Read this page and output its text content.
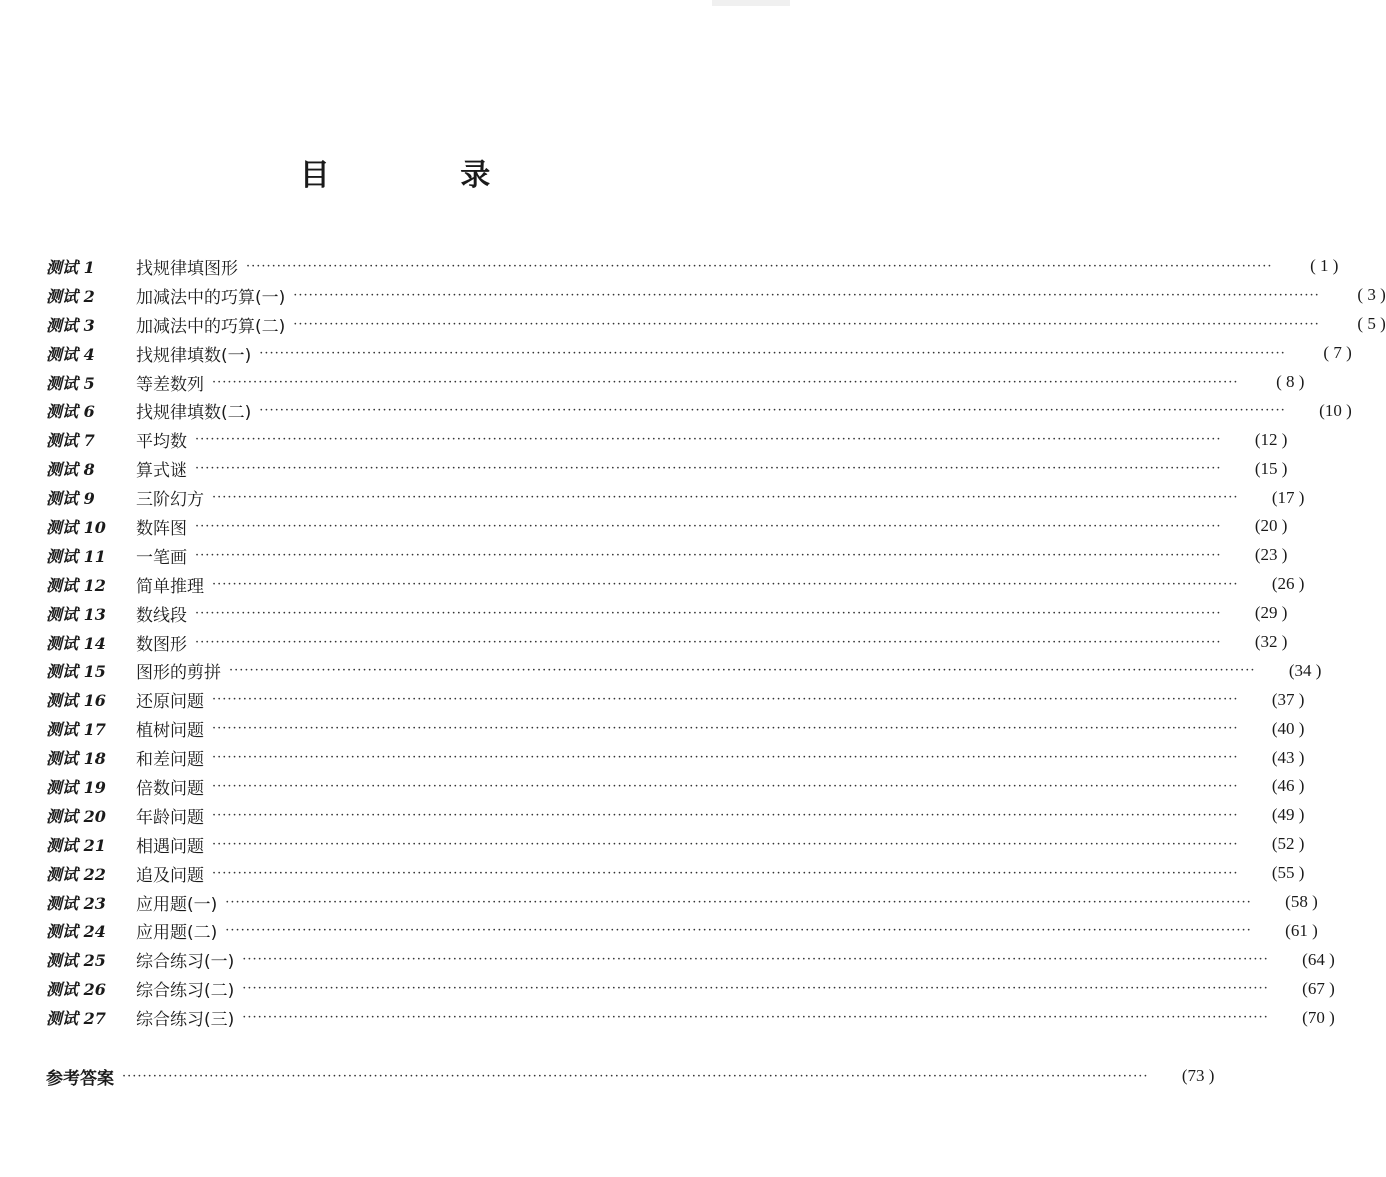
目 录
测试 1	找规律填图形 ········································································································································································································	( 1 )
测试 2	加减法中的巧算(一) ········································································································································································································	( 3 )
测试 3	加减法中的巧算(二) ········································································································································································································	( 5 )
测试 4	找规律填数(一) ········································································································································································································	( 7 )
测试 5	等差数列 ········································································································································································································	( 8 )
测试 6	找规律填数(二) ········································································································································································································	(10 )
测试 7	平均数 ········································································································································································································	(12 )
测试 8	算式谜 ········································································································································································································	(15 )
测试 9	三阶幻方 ········································································································································································································	(17 )
测试 10	数阵图 ········································································································································································································	(20 )
测试 11	一笔画 ········································································································································································································	(23 )
测试 12	简单推理 ········································································································································································································	(26 )
测试 13	数线段 ········································································································································································································	(29 )
测试 14	数图形 ········································································································································································································	(32 )
测试 15	图形的剪拼 ········································································································································································································	(34 )
测试 16	还原问题 ········································································································································································································	(37 )
测试 17	植树问题 ········································································································································································································	(40 )
测试 18	和差问题 ········································································································································································································	(43 )
测试 19	倍数问题 ········································································································································································································	(46 )
测试 20	年龄问题 ········································································································································································································	(49 )
测试 21	相遇问题 ········································································································································································································	(52 )
测试 22	追及问题 ········································································································································································································	(55 )
测试 23	应用题(一) ········································································································································································································	(58 )
测试 24	应用题(二) ········································································································································································································	(61 )
测试 25	综合练习(一) ········································································································································································································	(64 )
测试 26	综合练习(二) ········································································································································································································	(67 )
测试 27	综合练习(三) ········································································································································································································	(70 )
参考答案 ········································································································································································································	(73 )
